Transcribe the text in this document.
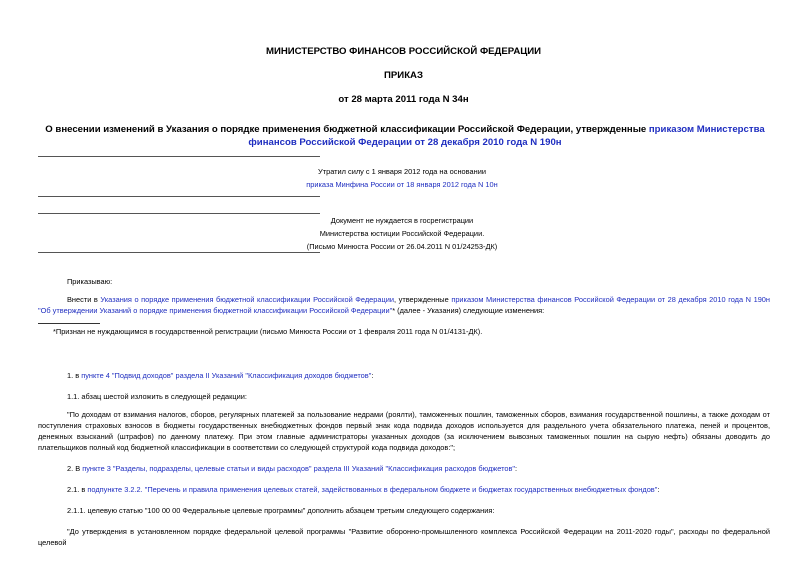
МИНИСТЕРСТВО ФИНАНСОВ РОССИЙСКОЙ ФЕДЕРАЦИИ
ПРИКАЗ
от 28 марта 2011 года N 34н
О внесении изменений в Указания о порядке применения бюджетной классификации Российской Федерации, утвержденные приказом Министерства финансов Российской Федерации от 28 декабря 2010 года N 190н
Утратил силу с 1 января 2012 года на основании
приказа Минфина России от 18 января 2012 года N 10н
Документ не нуждается в госрегистрации
Министерства юстиции Российской Федерации.
(Письмо Минюста России от 26.04.2011 N 01/24253-ДК)
Приказываю:
Внести в Указания о порядке применения бюджетной классификации Российской Федерации, утвержденные приказом Министерства финансов Российской Федерации от 28 декабря 2010 года N 190н "Об утверждении Указаний о порядке применения бюджетной классификации Российской Федерации"* (далее - Указания) следующие изменения:
*Признан не нуждающимся в государственной регистрации (письмо Минюста России от 1 февраля 2011 года N 01/4131-ДК).
1. в пункте 4 "Подвид доходов" раздела II Указаний "Классификация доходов бюджетов":
1.1. абзац шестой изложить в следующей редакции:
"По доходам от взимания налогов, сборов, регулярных платежей за пользование недрами (роялти), таможенных пошлин, таможенных сборов, взимания государственной пошлины, а также доходам от поступления страховых взносов в бюджеты государственных внебюджетных фондов первый знак кода подвида доходов используется для раздельного учета обязательного платежа, пеней и процентов, денежных взысканий (штрафов) по данному платежу. При этом главные администраторы указанных доходов (за исключением вывозных таможенных пошлин на сырую нефть) обязаны доводить до плательщиков полный код бюджетной классификации в соответствии со следующей структурой кода подвида доходов:";
2. В пункте 3 "Разделы, подразделы, целевые статьи и виды расходов" раздела III Указаний "Классификация расходов бюджетов":
2.1. в подпункте 3.2.2. "Перечень и правила применения целевых статей, задействованных в федеральном бюджете и бюджетах государственных внебюджетных фондов":
2.1.1. целевую статью "100 00 00 Федеральные целевые программы" дополнить абзацем третьим следующего содержания:
"До утверждения в установленном порядке федеральной целевой программы "Развитие оборонно-промышленного комплекса Российской Федерации на 2011-2020 годы", расходы по федеральной целевой
